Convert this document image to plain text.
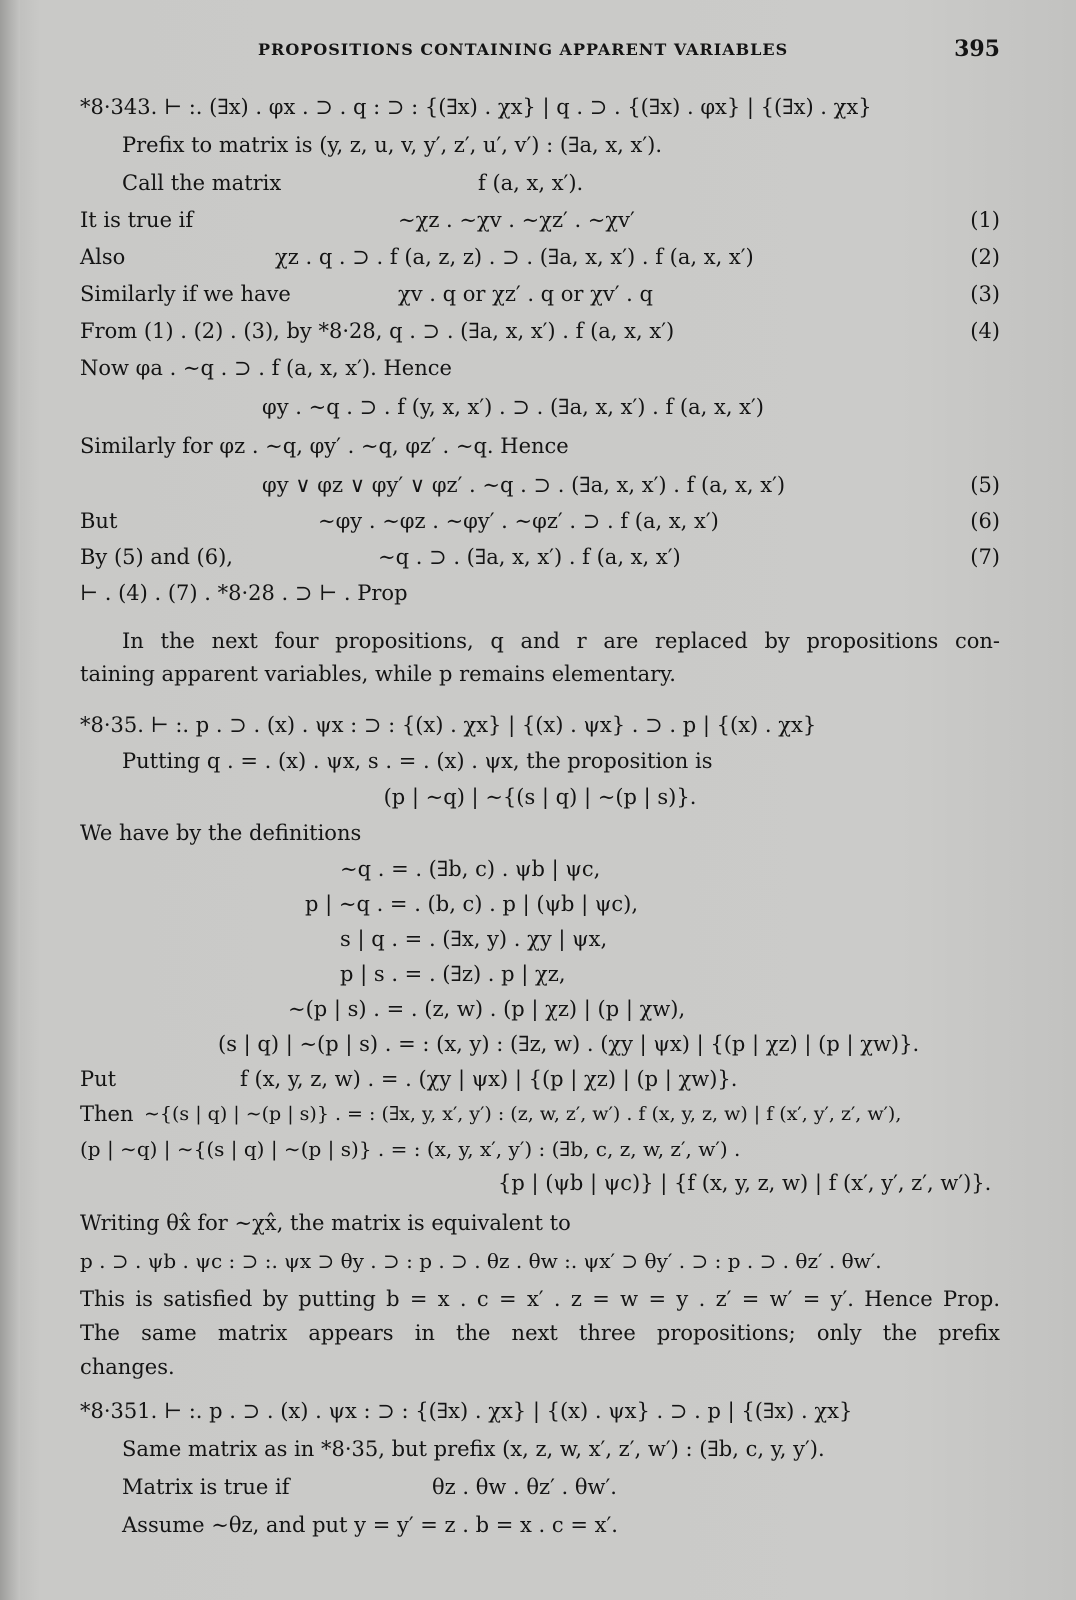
PROPOSITIONS CONTAINING APPARENT VARIABLES	395
*8·343. ⊢ :. (∃x) . φx . ⊃ . q : ⊃ : {(∃x) . χx} | q . ⊃ . {(∃x) . φx} | {(∃x) . χx}
Prefix to matrix is (y, z, u, v, y′, z′, u′, v′) : (∃a, x, x′).
Call the matrix	f (a, x, x′).
It is true if	∼χz . ∼χv . ∼χz′ . ∼χv′	(1)
Also	χz . q . ⊃ . f (a, z, z) . ⊃ . (∃a, x, x′) . f (a, x, x′)	(2)
Similarly if we have	χv . q or χz′ . q or χv′ . q	(3)
From (1) . (2) . (3), by *8·28, q . ⊃ . (∃a, x, x′) . f (a, x, x′)	(4)
Now φa . ∼q . ⊃ . f (a, x, x′). Hence
φy . ∼q . ⊃ . f (y, x, x′) . ⊃ . (∃a, x, x′) . f (a, x, x′)
Similarly for φz . ∼q, φy′ . ∼q, φz′ . ∼q. Hence
φy ∨ φz ∨ φy′ ∨ φz′ . ∼q . ⊃ . (∃a, x, x′) . f (a, x, x′)	(5)
But	∼φy . ∼φz . ∼φy′ . ∼φz′ . ⊃ . f (a, x, x′)	(6)
By (5) and (6),	∼q . ⊃ . (∃a, x, x′) . f (a, x, x′)	(7)
⊢ . (4) . (7) . *8·28 . ⊃ ⊢ . Prop
In the next four propositions, q and r are replaced by propositions con-
taining apparent variables, while p remains elementary.
*8·35. ⊢ :. p . ⊃ . (x) . ψx : ⊃ : {(x) . χx} | {(x) . ψx} . ⊃ . p | {(x) . χx}
Putting q . = . (x) . ψx, s . = . (x) . ψx, the proposition is
(p | ∼q) | ∼{(s | q) | ∼(p | s)}.
We have by the definitions
∼q . = . (∃b, c) . ψb | ψc,
p | ∼q . = . (b, c) . p | (ψb | ψc),
s | q . = . (∃x, y) . χy | ψx,
p | s . = . (∃z) . p | χz,
∼(p | s) . = . (z, w) . (p | χz) | (p | χw),
(s | q) | ∼(p | s) . = : (x, y) : (∃z, w) . (χy | ψx) | {(p | χz) | (p | χw)}.
Put	f (x, y, z, w) . = . (χy | ψx) | {(p | χz) | (p | χw)}.
Then ∼{(s | q) | ∼(p | s)} . = : (∃x, y, x′, y′) : (z, w, z′, w′) . f (x, y, z, w) | f (x′, y′, z′, w′),
(p | ∼q) | ∼{(s | q) | ∼(p | s)} . = : (x, y, x′, y′) : (∃b, c, z, w, z′, w′) .
{p | (ψb | ψc)} | {f (x, y, z, w) | f (x′, y′, z′, w′)}.
Writing θx̂ for ∼χx̂, the matrix is equivalent to
p . ⊃ . ψb . ψc : ⊃ :. ψx ⊃ θy . ⊃ : p . ⊃ . θz . θw :. ψx′ ⊃ θy′ . ⊃ : p . ⊃ . θz′ . θw′.
This is satisfied by putting b = x . c = x′ . z = w = y . z′ = w′ = y′. Hence Prop.
The same matrix appears in the next three propositions; only the prefix
changes.
*8·351. ⊢ :. p . ⊃ . (x) . ψx : ⊃ : {(∃x) . χx} | {(x) . ψx} . ⊃ . p | {(∃x) . χx}
Same matrix as in *8·35, but prefix (x, z, w, x′, z′, w′) : (∃b, c, y, y′).
Matrix is true if	θz . θw . θz′ . θw′.
Assume ∼θz, and put y = y′ = z . b = x . c = x′.
